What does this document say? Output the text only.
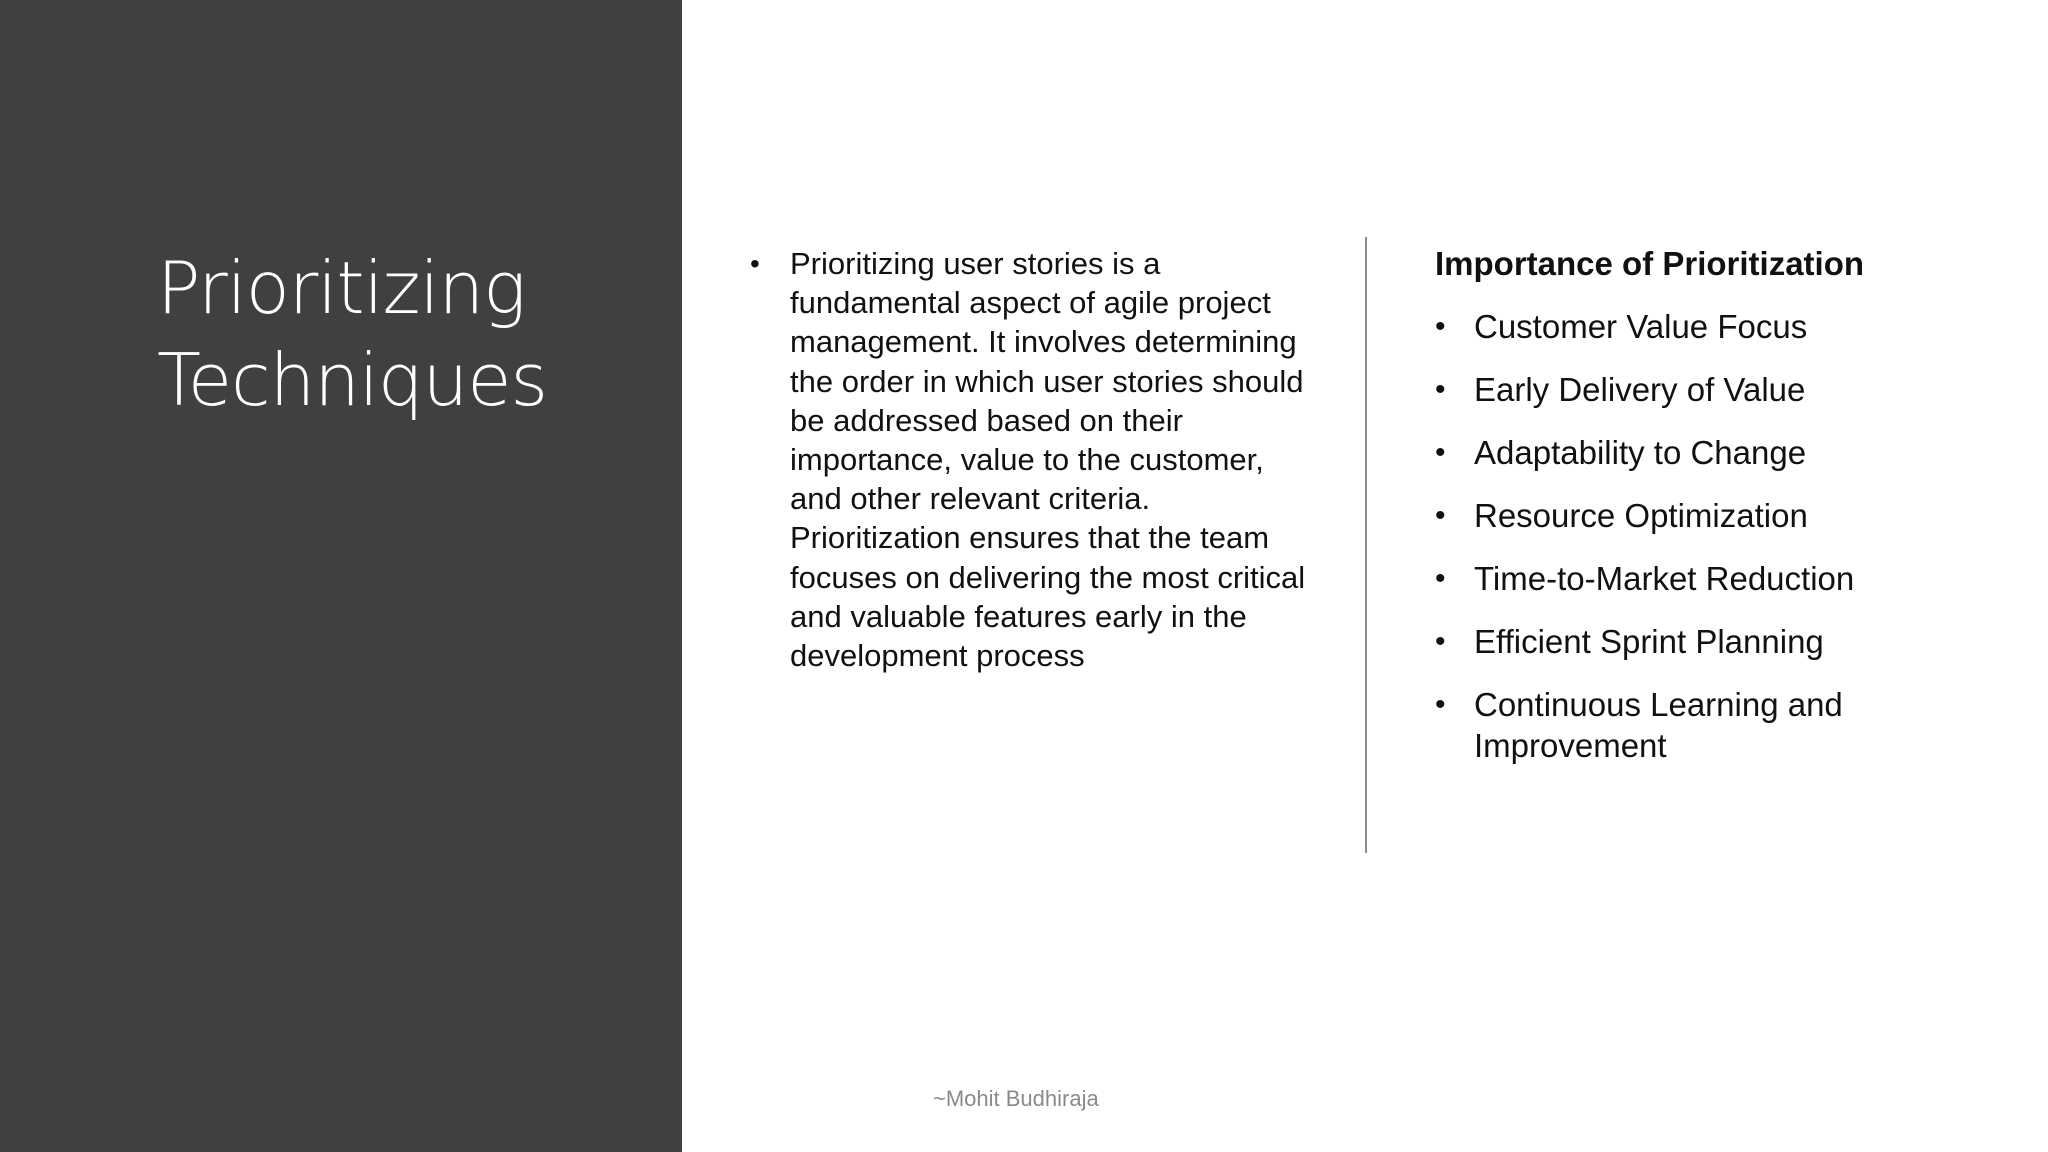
Prioritizing
Techniques
• Prioritizing user stories is a fundamental aspect of agile project management. It involves determining the order in which user stories should be addressed based on their importance, value to the customer, and other relevant criteria. Prioritization ensures that the team focuses on delivering the most critical and valuable features early in the development process

Importance of Prioritization

• Customer Value Focus
• Early Delivery of Value
• Adaptability to Change
• Resource Optimization
• Time-to-Market Reduction
• Efficient Sprint Planning
• Continuous Learning and Improvement
~Mohit Budhiraja
